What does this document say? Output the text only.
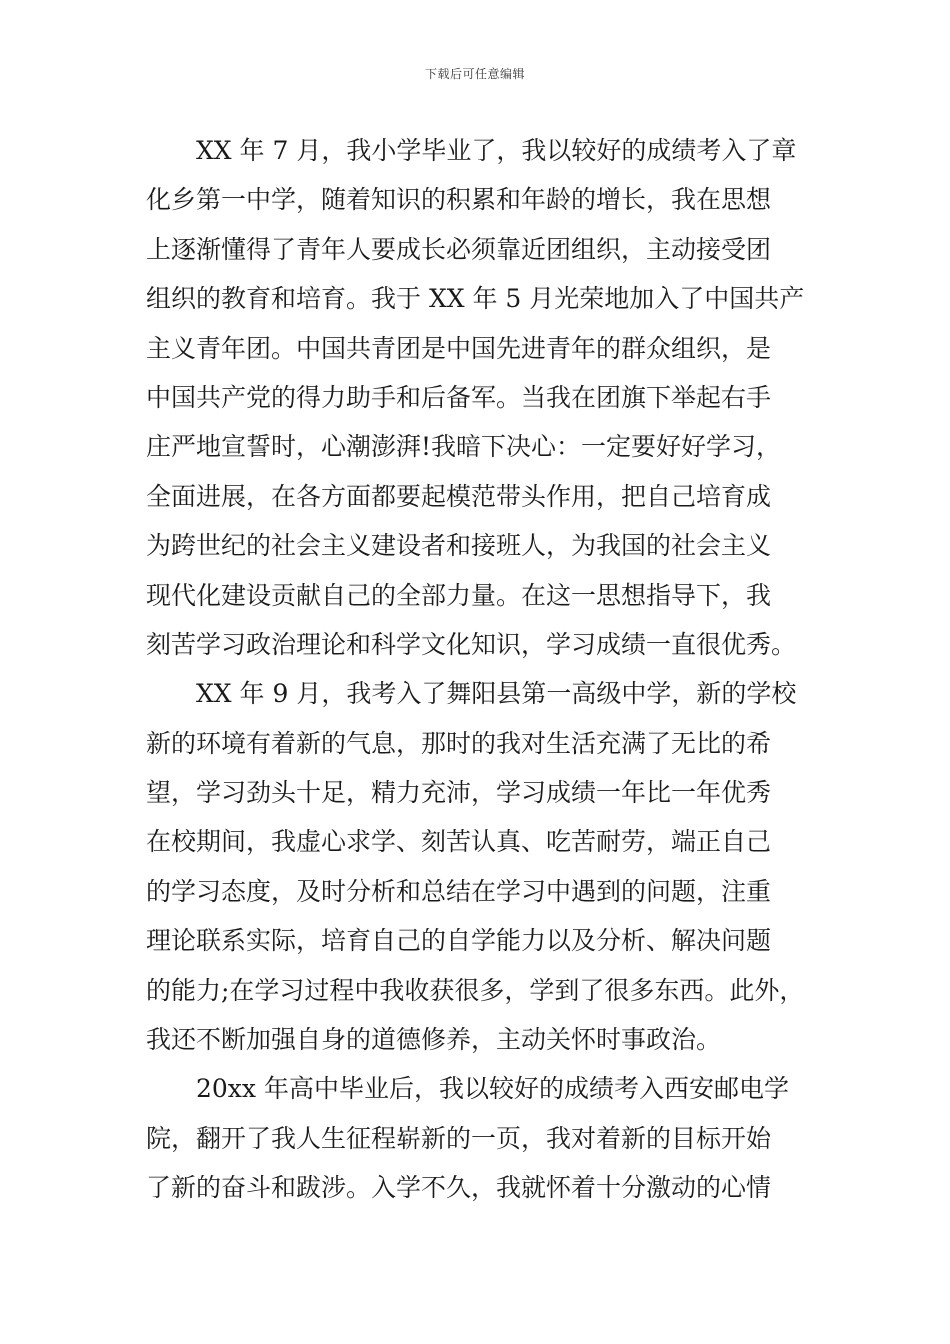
下载后可任意编辑
XX 年 7 月，我小学毕业了，我以较好的成绩考入了章
化乡第一中学，随着知识的积累和年龄的增长，我在思想
上逐渐懂得了青年人要成长必须靠近团组织，主动接受团
组织的教育和培育。我于 XX 年 5 月光荣地加入了中国共产
主义青年团。中国共青团是中国先进青年的群众组织，是
中国共产党的得力助手和后备军。当我在团旗下举起右手
庄严地宣誓时，心潮澎湃!我暗下决心：一定要好好学习，
全面进展，在各方面都要起模范带头作用，把自己培育成
为跨世纪的社会主义建设者和接班人，为我国的社会主义
现代化建设贡献自己的全部力量。在这一思想指导下，我
刻苦学习政治理论和科学文化知识，学习成绩一直很优秀。
XX 年 9 月，我考入了舞阳县第一高级中学，新的学校
新的环境有着新的气息，那时的我对生活充满了无比的希
望，学习劲头十足，精力充沛，学习成绩一年比一年优秀
在校期间，我虚心求学、刻苦认真、吃苦耐劳，端正自己
的学习态度，及时分析和总结在学习中遇到的问题，注重
理论联系实际，培育自己的自学能力以及分析、解决问题
的能力;在学习过程中我收获很多，学到了很多东西。此外，
我还不断加强自身的道德修养，主动关怀时事政治。
20xx 年高中毕业后，我以较好的成绩考入西安邮电学
院，翻开了我人生征程崭新的一页，我对着新的目标开始
了新的奋斗和跋涉。入学不久，我就怀着十分激动的心情
